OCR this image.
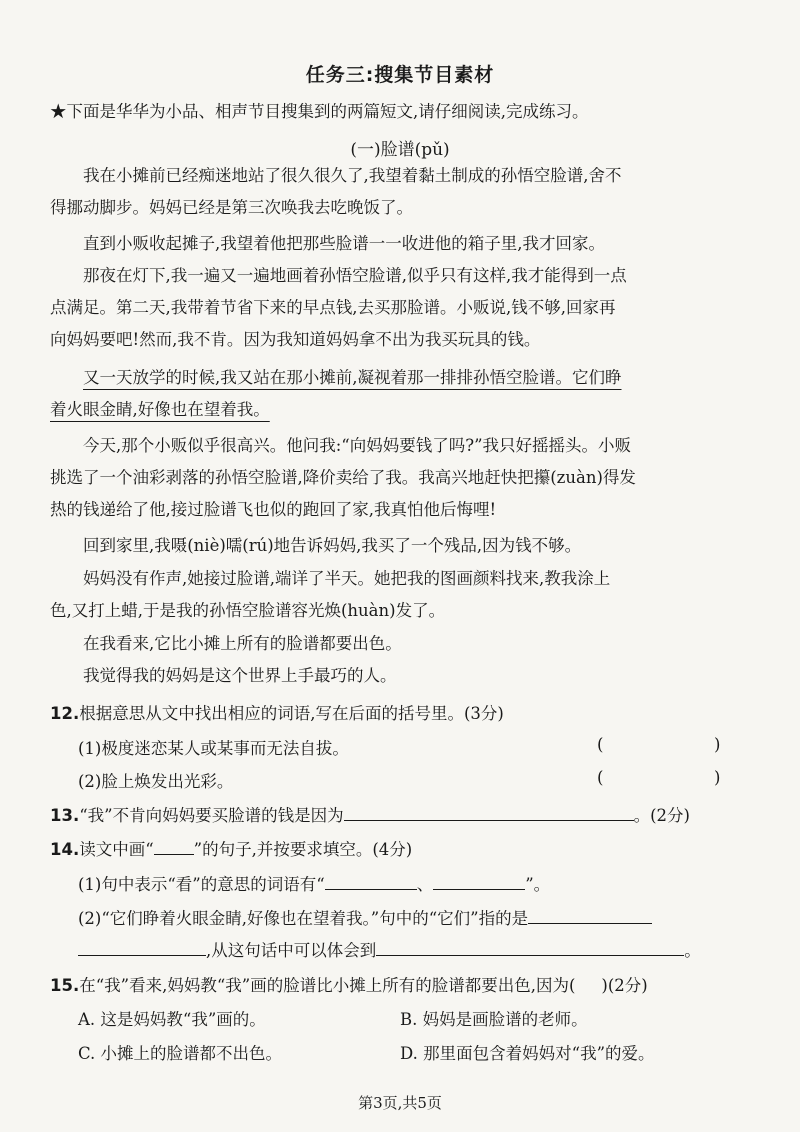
任务三:搜集节目素材
★下面是华华为小品、相声节目搜集到的两篇短文,请仔细阅读,完成练习。
(一)脸谱(pǔ)

我在小摊前已经痴迷地站了很久很久了,我望着黏土制成的孙悟空脸谱,舍不
得挪动脚步。妈妈已经是第三次唤我去吃晚饭了。

直到小贩收起摊子,我望着他把那些脸谱一一收进他的箱子里,我才回家。

那夜在灯下,我一遍又一遍地画着孙悟空脸谱,似乎只有这样,我才能得到一点
点满足。第二天,我带着节省下来的早点钱,去买那脸谱。小贩说,钱不够,回家再
向妈妈要吧!然而,我不肯。因为我知道妈妈拿不出为我买玩具的钱。

又一天放学的时候,我又站在那小摊前,凝视着那一排排孙悟空脸谱。它们睁
着火眼金睛,好像也在望着我。

今天,那个小贩似乎很高兴。他问我:“向妈妈要钱了吗?”我只好摇摇头。小贩
挑选了一个油彩剥落的孙悟空脸谱,降价卖给了我。我高兴地赶快把攥(zuàn)得发
热的钱递给了他,接过脸谱飞也似的跑回了家,我真怕他后悔哩!

回到家里,我嗫(niè)嚅(rú)地告诉妈妈,我买了一个残品,因为钱不够。

妈妈没有作声,她接过脸谱,端详了半天。她把我的图画颜料找来,教我涂上
色,又打上蜡,于是我的孙悟空脸谱容光焕(huàn)发了。

在我看来,它比小摊上所有的脸谱都要出色。

我觉得我的妈妈是这个世界上手最巧的人。

12.根据意思从文中找出相应的词语,写在后面的括号里。(3分)
(1)极度迷恋某人或某事而无法自拔。	(	)
(2)脸上焕发出光彩。	(	)
13.“我”不肯向妈妈要买脸谱的钱是因为	。(2分)
14.读文中画“ ”的句子,并按要求填空。(4分)
(1)句中表示“看”的意思的词语有“	、	”。
(2)“它们睁着火眼金睛,好像也在望着我。”句中的“它们”指的是
,从这句话中可以体会到	。
15.在“我”看来,妈妈教“我”画的脸谱比小摊上所有的脸谱都要出色,因为( )(2分)
A. 这是妈妈教“我”画的。	B. 妈妈是画脸谱的老师。
C. 小摊上的脸谱都不出色。	D. 那里面包含着妈妈对“我”的爱。
第3页,共5页
